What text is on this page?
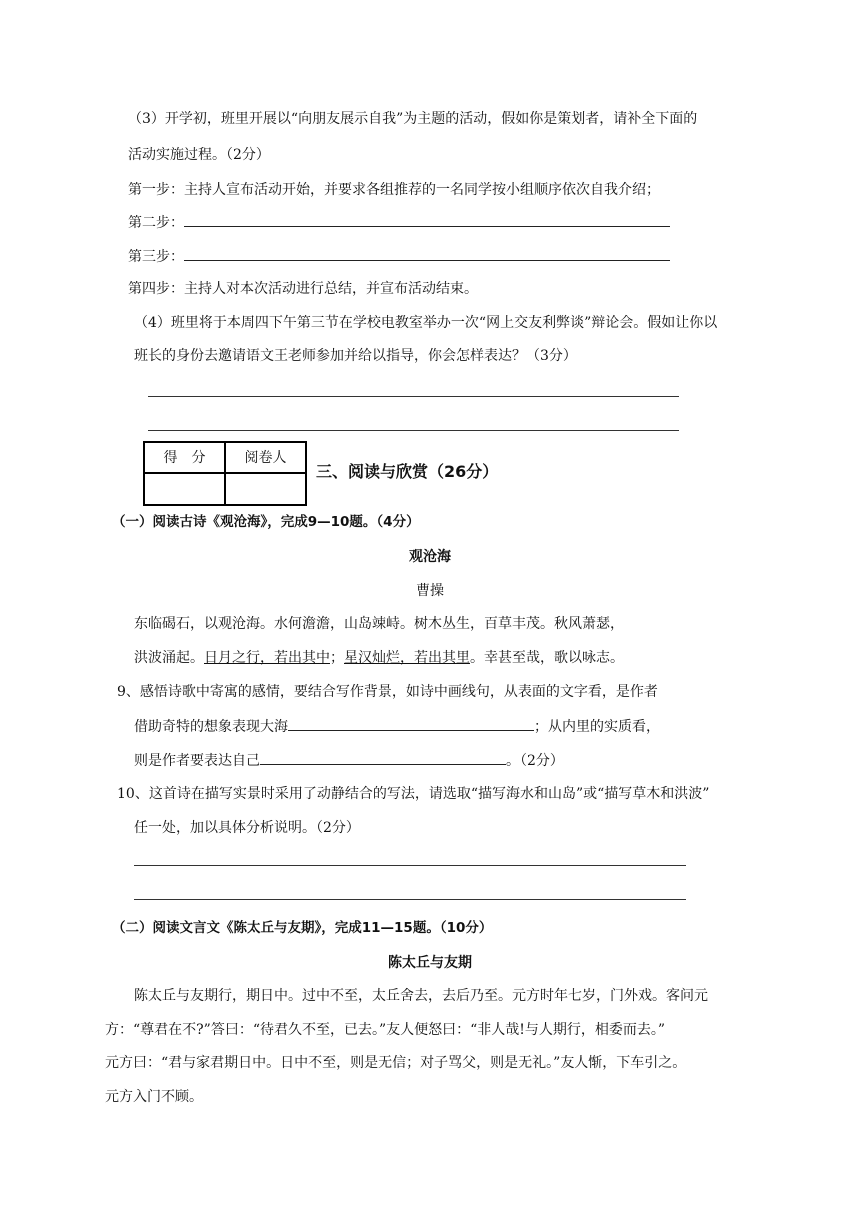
（3）开学初，班里开展以“向朋友展示自我”为主题的活动，假如你是策划者，请补全下面的
活动实施过程。（2分）
第一步：主持人宣布活动开始，并要求各组推荐的一名同学按小组顺序依次自我介绍；
第二步：
第三步：
第四步：主持人对本次活动进行总结，并宣布活动结束。
（4）班里将于本周四下午第三节在学校电教室举办一次“网上交友利弊谈”辩论会。假如让你以
班长的身份去邀请语文王老师参加并给以指导，你会怎样表达？（3分）
得　分	阅卷人
三、阅读与欣赏（26分）
（一）阅读古诗《观沧海》，完成9—10题。（4分）
观沧海
曹操
东临碣石，以观沧海。水何澹澹，山岛竦峙。树木丛生，百草丰茂。秋风萧瑟，
洪波涌起。日月之行，若出其中；星汉灿烂，若出其里。幸甚至哉，歌以咏志。
9、感悟诗歌中寄寓的感情，要结合写作背景，如诗中画线句，从表面的文字看，是作者
借助奇特的想象表现大海	；从内里的实质看，
则是作者要表达自己	。（2分）
10、这首诗在描写实景时采用了动静结合的写法，请选取“描写海水和山岛”或“描写草木和洪波”
任一处，加以具体分析说明。（2分）
（二）阅读文言文《陈太丘与友期》，完成11—15题。（10分）
陈太丘与友期
陈太丘与友期行，期日中。过中不至，太丘舍去，去后乃至。元方时年七岁，门外戏。客问元
方：“尊君在不?”答曰：“待君久不至，已去。”友人便怒曰：“非人哉!与人期行，相委而去。”
元方曰：“君与家君期日中。日中不至，则是无信；对子骂父，则是无礼。”友人惭，下车引之。
元方入门不顾。
